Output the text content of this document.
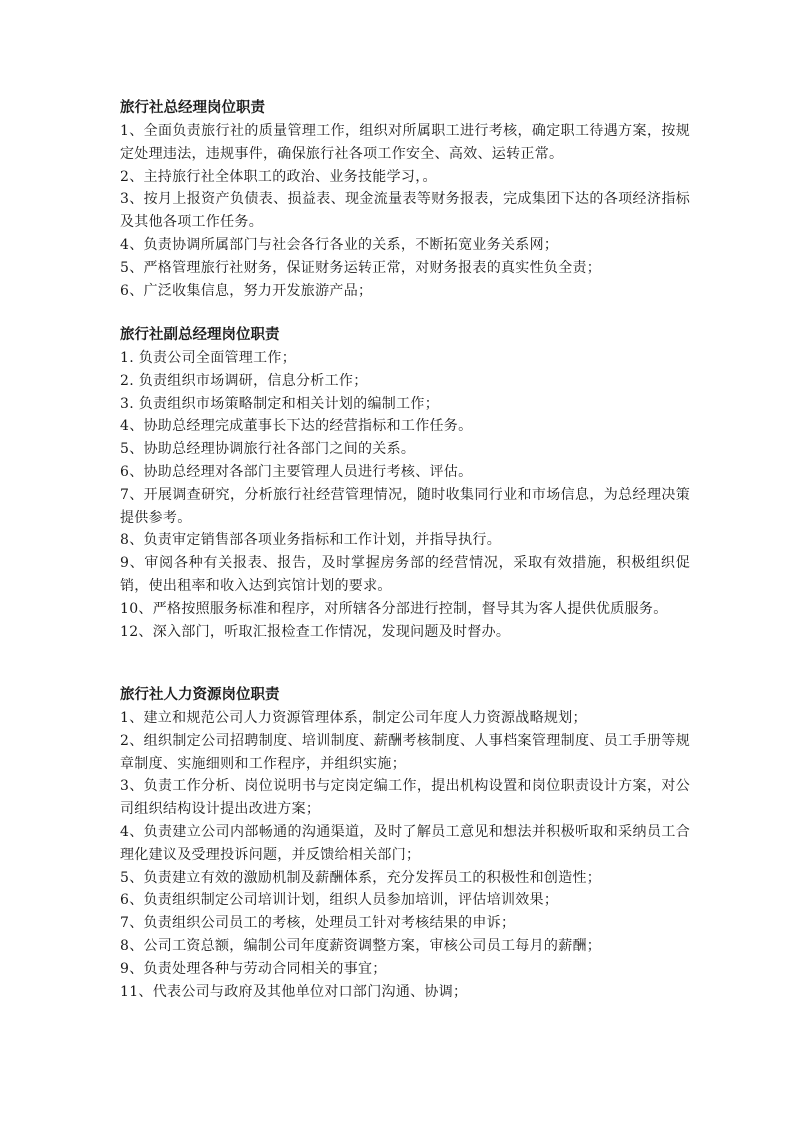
旅行社总经理岗位职责
1、全面负责旅行社的质量管理工作，组织对所属职工进行考核，确定职工待遇方案，按规定处理违法，违规事件，确保旅行社各项工作安全、高效、运转正常。
2、主持旅行社全体职工的政治、业务技能学习，。
3、按月上报资产负债表、损益表、现金流量表等财务报表，完成集团下达的各项经济指标及其他各项工作任务。
4、负责协调所属部门与社会各行各业的关系，不断拓宽业务关系网；
5、严格管理旅行社财务，保证财务运转正常，对财务报表的真实性负全责；
6、广泛收集信息，努力开发旅游产品；
旅行社副总经理岗位职责
1. 负责公司全面管理工作；
2. 负责组织市场调研，信息分析工作；
3. 负责组织市场策略制定和相关计划的编制工作；
4、协助总经理完成董事长下达的经营指标和工作任务。
5、协助总经理协调旅行社各部门之间的关系。
6、协助总经理对各部门主要管理人员进行考核、评估。
7、开展调查研究，分析旅行社经营管理情况，随时收集同行业和市场信息，为总经理决策提供参考。
8、负责审定销售部各项业务指标和工作计划，并指导执行。
9、审阅各种有关报表、报告，及时掌握房务部的经营情况，采取有效措施，积极组织促销，使出租率和收入达到宾馆计划的要求。
10、严格按照服务标准和程序，对所辖各分部进行控制，督导其为客人提供优质服务。
12、深入部门，听取汇报检查工作情况，发现问题及时督办。
旅行社人力资源岗位职责
1、建立和规范公司人力资源管理体系，制定公司年度人力资源战略规划；
2、组织制定公司招聘制度、培训制度、薪酬考核制度、人事档案管理制度、员工手册等规章制度、实施细则和工作程序，并组织实施；
3、负责工作分析、岗位说明书与定岗定编工作，提出机构设置和岗位职责设计方案，对公司组织结构设计提出改进方案；
4、负责建立公司内部畅通的沟通渠道，及时了解员工意见和想法并积极听取和采纳员工合理化建议及受理投诉问题，并反馈给相关部门；
5、负责建立有效的激励机制及薪酬体系，充分发挥员工的积极性和创造性；
6、负责组织制定公司培训计划，组织人员参加培训，评估培训效果；
7、负责组织公司员工的考核，处理员工针对考核结果的申诉；
8、公司工资总额，编制公司年度薪资调整方案，审核公司员工每月的薪酬；
9、负责处理各种与劳动合同相关的事宜；
11、代表公司与政府及其他单位对口部门沟通、协调；
